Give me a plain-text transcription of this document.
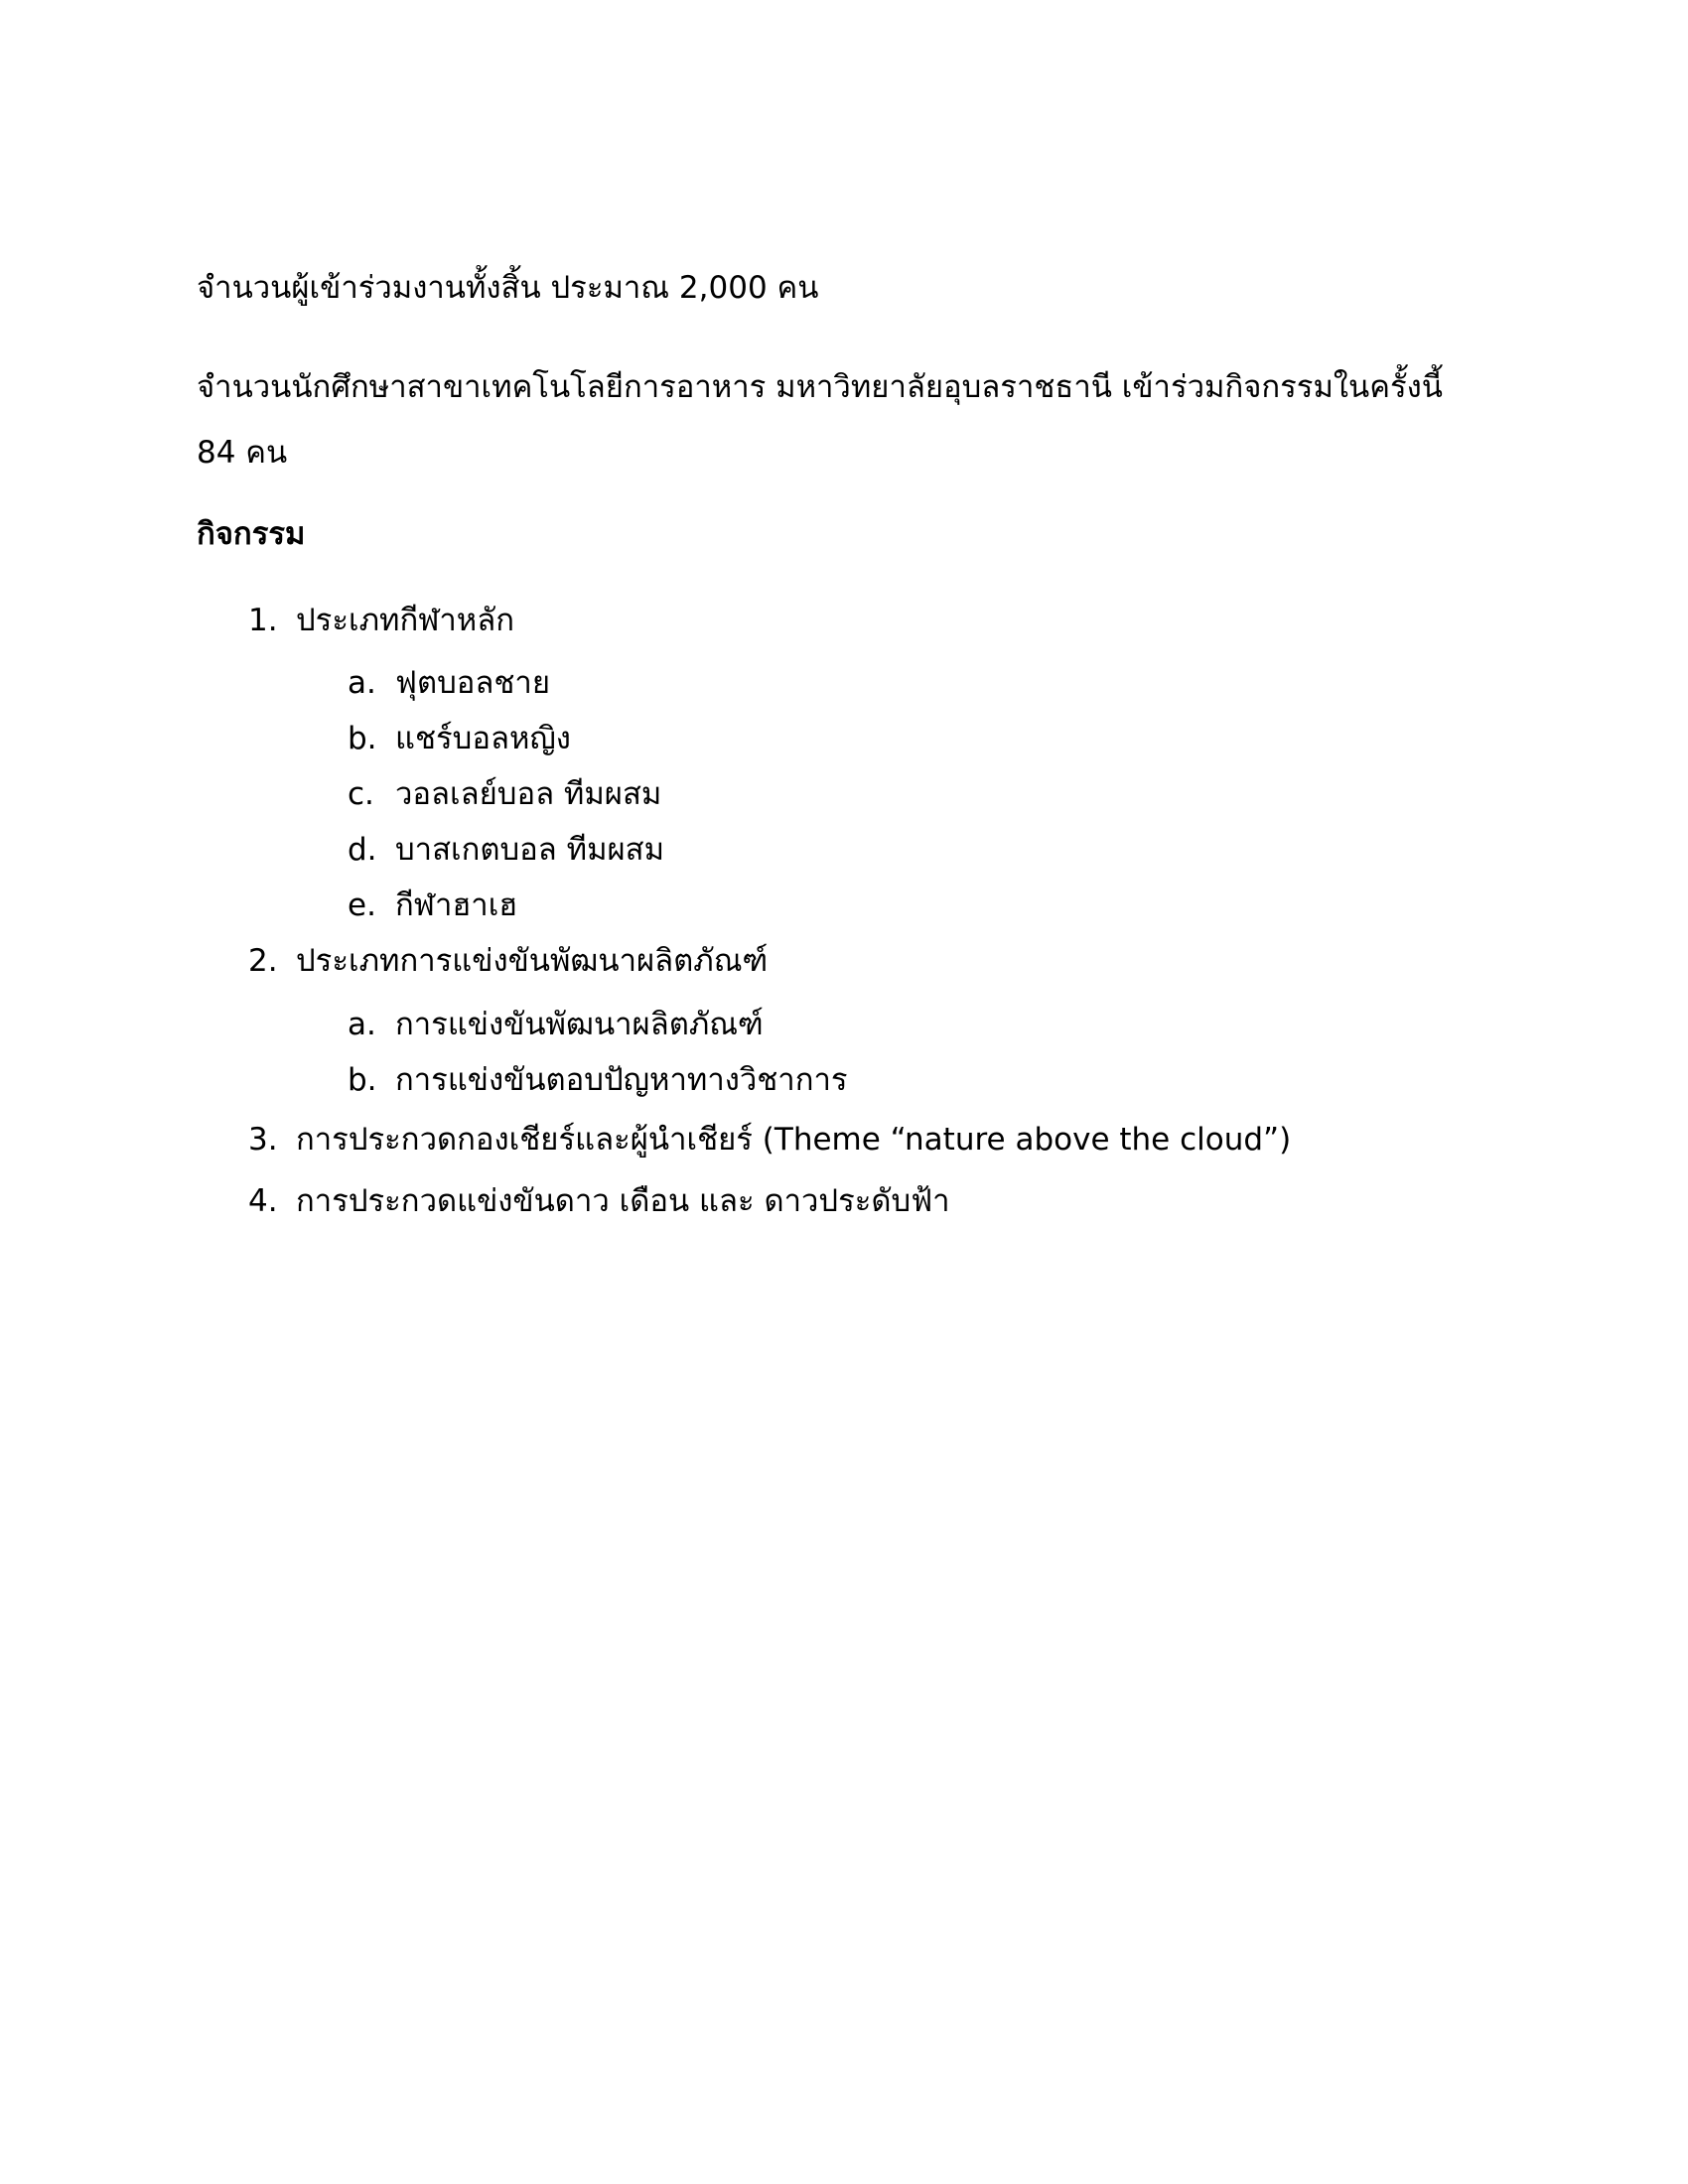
จำนวนผู้เข้าร่วมงานทั้งสิ้น ประมาณ 2,000 คน
จำนวนนักศึกษาสาขาเทคโนโลยีการอาหาร มหาวิทยาลัยอุบลราชธานี เข้าร่วมกิจกรรมในครั้งนี้ 84 คน
กิจกรรม
1. ประเภทกีฬาหลัก
a. ฟุตบอลชาย
b. แชร์บอลหญิง
c. วอลเลย์บอล ทีมผสม
d. บาสเกตบอล ทีมผสม
e. กีฬาฮาเฮ
2. ประเภทการแข่งขันพัฒนาผลิตภัณฑ์
a. การแข่งขันพัฒนาผลิตภัณฑ์
b. การแข่งขันตอบปัญหาทางวิชาการ
3. การประกวดกองเชียร์และผู้นำเชียร์ (Theme “nature above the cloud”)
4. การประกวดแข่งขันดาว เดือน และ ดาวประดับฟ้า
